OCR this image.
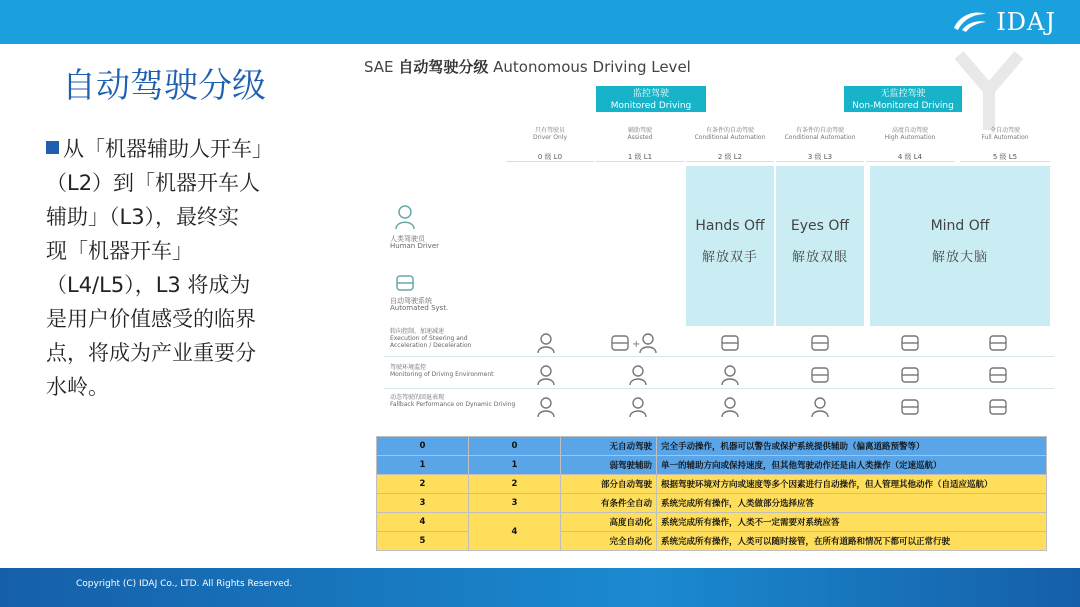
IDAJ
自动驾驶分级
从「机器辅助人开车」
（L2）到「机器开车人
辅助」（L3），最终实
现「机器开车」
（L4/L5），L3 将成为
是用户价值感受的临界
点，将成为产业重要分
水岭。
SAE 自动驾驶分级 Autonomous Driving Level
监控驾驶
Monitored Driving
无监控驾驶
Non-Monitored Driving
只有驾驶员
Driver Only
0 级 L0
辅助驾驶
Assisted
1 级 L1
有条件的自动驾驶
Conditional Automation
2 级 L2
有条件的自动驾驶
Conditional Automation
3 级 L3
高度自动驾驶
High Automation
4 级 L4
全自动驾驶
Full Automation
5 级 L5
Hands Off
解放双手
Eyes Off
解放双眼
Mind Off
解放大脑
人类驾驶员
Human Driver
自动驾驶系统
Automated Syst.
转向控制、加速减速
Execution of Steering and Acceleration / Deceleration
驾驶环境监控
Monitoring of Driving Environment
动态驾驶的回退表现
Fallback Performance on Dynamic Driving
+
0	0	无自动驾驶	完全手动操作，机器可以警告或保护系统提供辅助（偏离道路预警等）
1	1	弱驾驶辅助	单一的辅助方向或保持速度，但其他驾驶动作还是由人类操作（定速巡航）
2	2	部分自动驾驶	根据驾驶环境对方向或速度等多个因素进行自动操作，但人管理其他动作（自适应巡航）
3	3	有条件全自动	系统完成所有操作，人类做部分选择应答
4	4	高度自动化	系统完成所有操作，人类不一定需要对系统应答
5		完全自动化	系统完成所有操作，人类可以随时接管，在所有道路和情况下都可以正常行驶
Copyright (C) IDAJ Co., LTD. All Rights Reserved.
